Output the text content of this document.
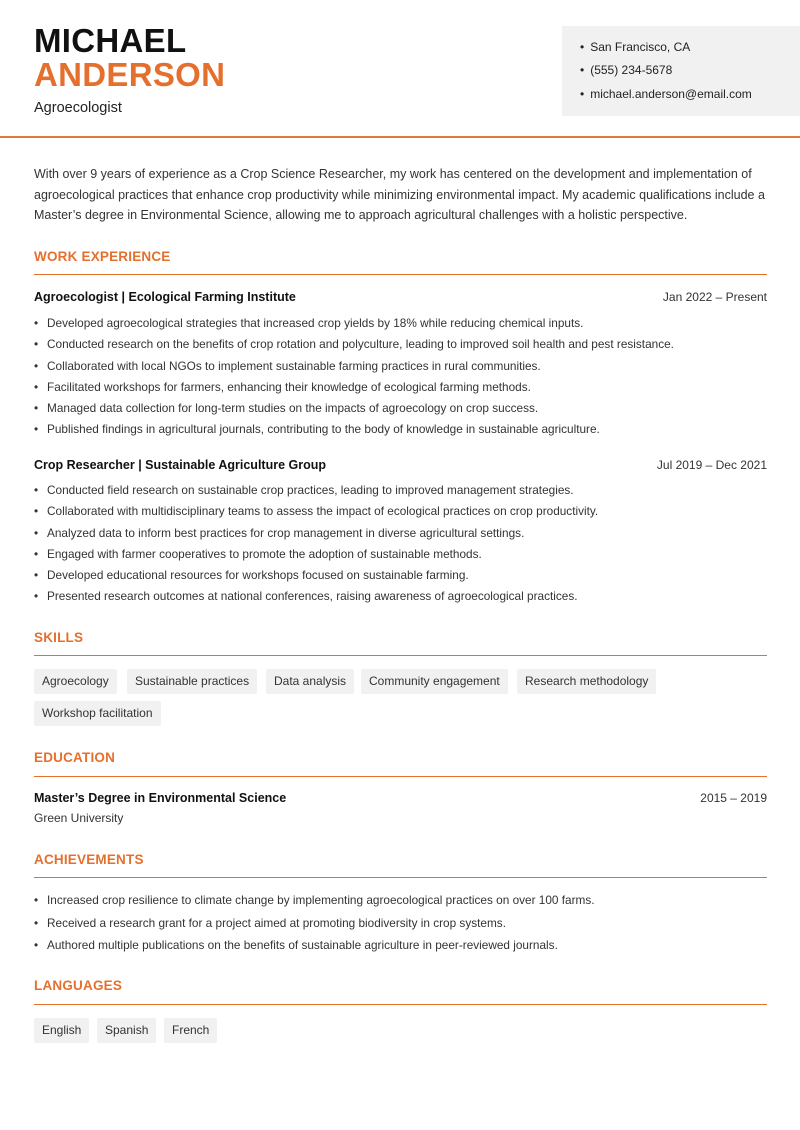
MICHAEL
ANDERSON
Agroecologist
• San Francisco, CA
• (555) 234-5678
• michael.anderson@email.com

With over 9 years of experience as a Crop Science Researcher, my work has centered on the development and implementation of agroecological practices that enhance crop productivity while minimizing environmental impact. My academic qualifications include a Master’s degree in Environmental Science, allowing me to approach agricultural challenges with a holistic perspective.

WORK EXPERIENCE
Agroecologist | Ecological Farming Institute	Jan 2022 – Present
• Developed agroecological strategies that increased crop yields by 18% while reducing chemical inputs.
• Conducted research on the benefits of crop rotation and polyculture, leading to improved soil health and pest resistance.
• Collaborated with local NGOs to implement sustainable farming practices in rural communities.
• Facilitated workshops for farmers, enhancing their knowledge of ecological farming methods.
• Managed data collection for long-term studies on the impacts of agroecology on crop success.
• Published findings in agricultural journals, contributing to the body of knowledge in sustainable agriculture.
Crop Researcher | Sustainable Agriculture Group	Jul 2019 – Dec 2021
• Conducted field research on sustainable crop practices, leading to improved management strategies.
• Collaborated with multidisciplinary teams to assess the impact of ecological practices on crop productivity.
• Analyzed data to inform best practices for crop management in diverse agricultural settings.
• Engaged with farmer cooperatives to promote the adoption of sustainable methods.
• Developed educational resources for workshops focused on sustainable farming.
• Presented research outcomes at national conferences, raising awareness of agroecological practices.
SKILLS
Agroecology	Sustainable practices	Data analysis	Community engagement	Research methodology
Workshop facilitation
EDUCATION
Master’s Degree in Environmental Science	2015 – 2019
Green University
ACHIEVEMENTS
• Increased crop resilience to climate change by implementing agroecological practices on over 100 farms.
• Received a research grant for a project aimed at promoting biodiversity in crop systems.
• Authored multiple publications on the benefits of sustainable agriculture in peer-reviewed journals.
LANGUAGES
English	Spanish	French
